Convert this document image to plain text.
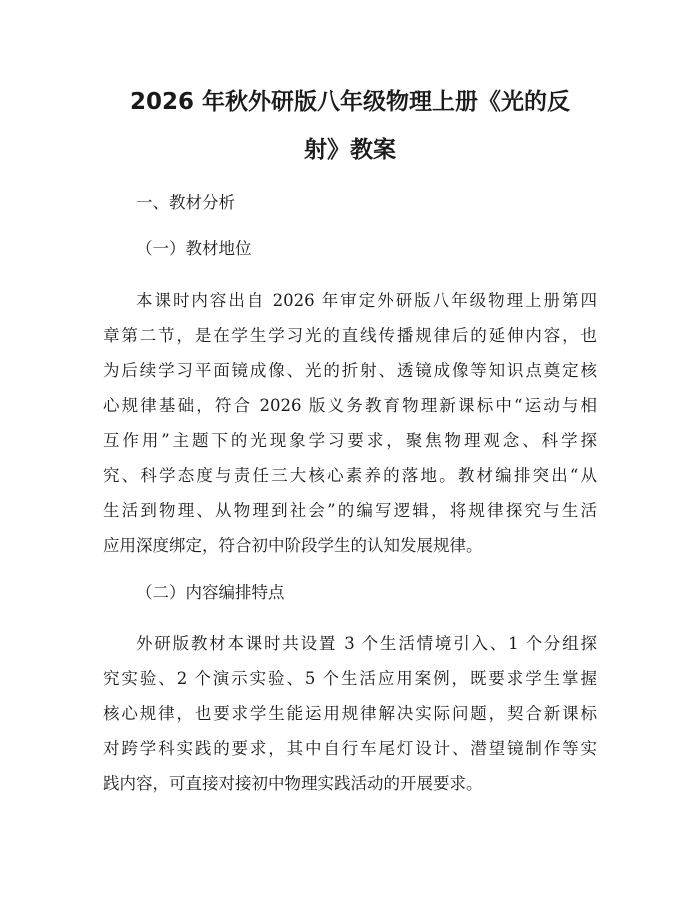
2026 年秋外研版八年级物理上册《光的反
射》教案
一、教材分析
（一）教材地位
本课时内容出自 2026 年审定外研版八年级物理上册第四
章第二节，是在学生学习光的直线传播规律后的延伸内容，也
为后续学习平面镜成像、光的折射、透镜成像等知识点奠定核
心规律基础，符合 2026 版义务教育物理新课标中“运动与相
互作用”主题下的光现象学习要求，聚焦物理观念、科学探
究、科学态度与责任三大核心素养的落地。教材编排突出“从
生活到物理、从物理到社会”的编写逻辑，将规律探究与生活
应用深度绑定，符合初中阶段学生的认知发展规律。
（二）内容编排特点
外研版教材本课时共设置 3 个生活情境引入、1 个分组探
究实验、2 个演示实验、5 个生活应用案例，既要求学生掌握
核心规律，也要求学生能运用规律解决实际问题，契合新课标
对跨学科实践的要求，其中自行车尾灯设计、潜望镜制作等实
践内容，可直接对接初中物理实践活动的开展要求。
